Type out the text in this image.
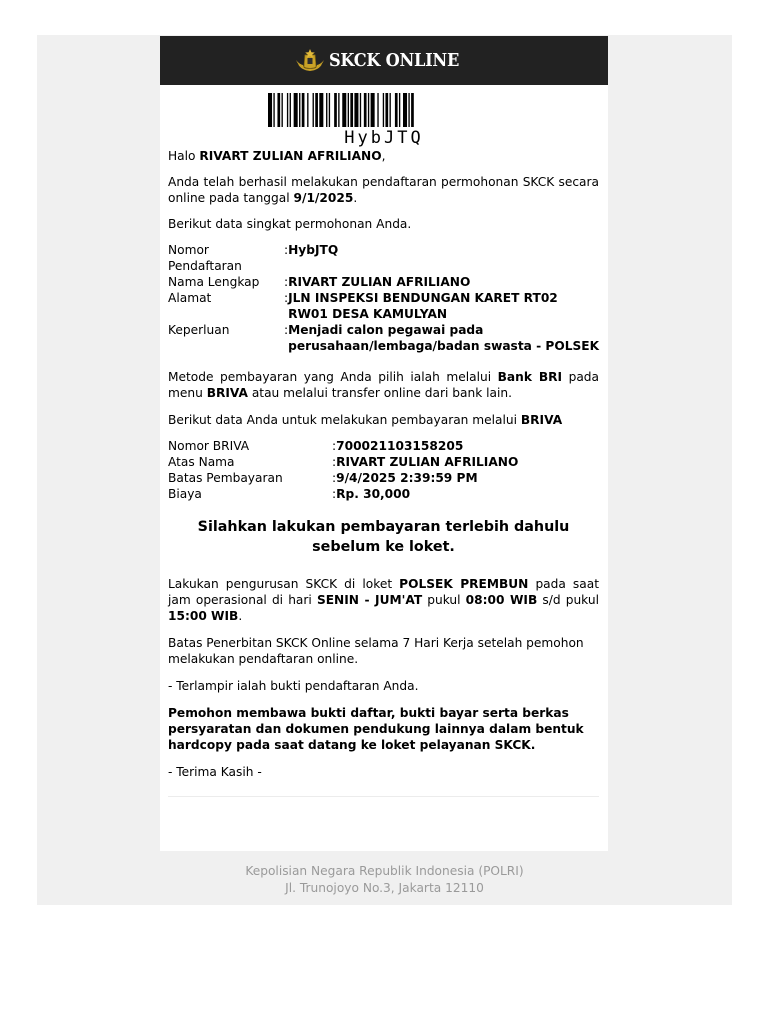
SKCK ONLINE
HybJTQ

Halo RIVART ZULIAN AFRILIANO,

Anda telah berhasil melakukan pendaftaran permohonan SKCK secara online pada tanggal 9/1/2025.

Berikut data singkat permohonan Anda.

Nomor Pendaftaran	:	HybJTQ
Nama Lengkap	:	RIVART ZULIAN AFRILIANO
Alamat	:	JLN INSPEKSI BENDUNGAN KARET RT02 RW01 DESA KAMULYAN
Keperluan	:	Menjadi calon pegawai pada perusahaan/lembaga/badan swasta - POLSEK

Metode pembayaran yang Anda pilih ialah melalui Bank BRI pada menu BRIVA atau melalui transfer online dari bank lain.

Berikut data Anda untuk melakukan pembayaran melalui BRIVA

Nomor BRIVA	:	700021103158205
Atas Nama	:	RIVART ZULIAN AFRILIANO
Batas Pembayaran	:	9/4/2025 2:39:59 PM
Biaya	:	Rp. 30,000

Silahkan lakukan pembayaran terlebih dahulu sebelum ke loket.

Lakukan pengurusan SKCK di loket POLSEK PREMBUN pada saat jam operasional di hari SENIN - JUM'AT pukul 08:00 WIB s/d pukul 15:00 WIB.

Batas Penerbitan SKCK Online selama 7 Hari Kerja setelah pemohon melakukan pendaftaran online.

- Terlampir ialah bukti pendaftaran Anda.

Pemohon membawa bukti daftar, bukti bayar serta berkas persyaratan dan dokumen pendukung lainnya dalam bentuk hardcopy pada saat datang ke loket pelayanan SKCK.

- Terima Kasih -

Kepolisian Negara Republik Indonesia (POLRI)
Jl. Trunojoyo No.3, Jakarta 12110
